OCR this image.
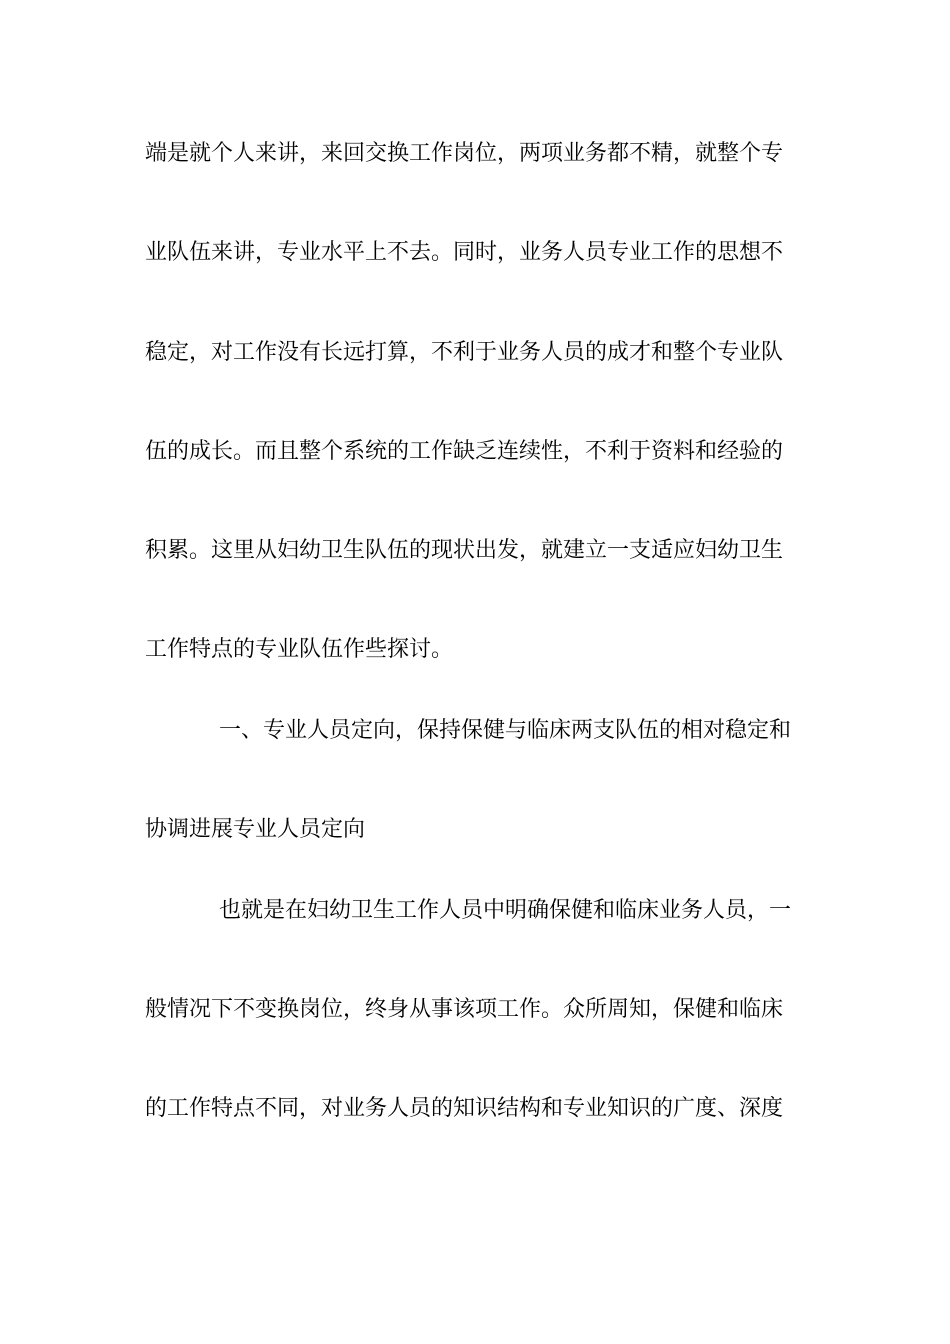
端是就个人来讲，来回交换工作岗位，两项业务都不精，就整个专
业队伍来讲，专业水平上不去。同时，业务人员专业工作的思想不
稳定，对工作没有长远打算，不利于业务人员的成才和整个专业队
伍的成长。而且整个系统的工作缺乏连续性，不利于资料和经验的
积累。这里从妇幼卫生队伍的现状出发，就建立一支适应妇幼卫生
工作特点的专业队伍作些探讨。
一、专业人员定向，保持保健与临床两支队伍的相对稳定和
协调进展专业人员定向
也就是在妇幼卫生工作人员中明确保健和临床业务人员，一
般情况下不变换岗位，终身从事该项工作。众所周知，保健和临床
的工作特点不同，对业务人员的知识结构和专业知识的广度、深度
